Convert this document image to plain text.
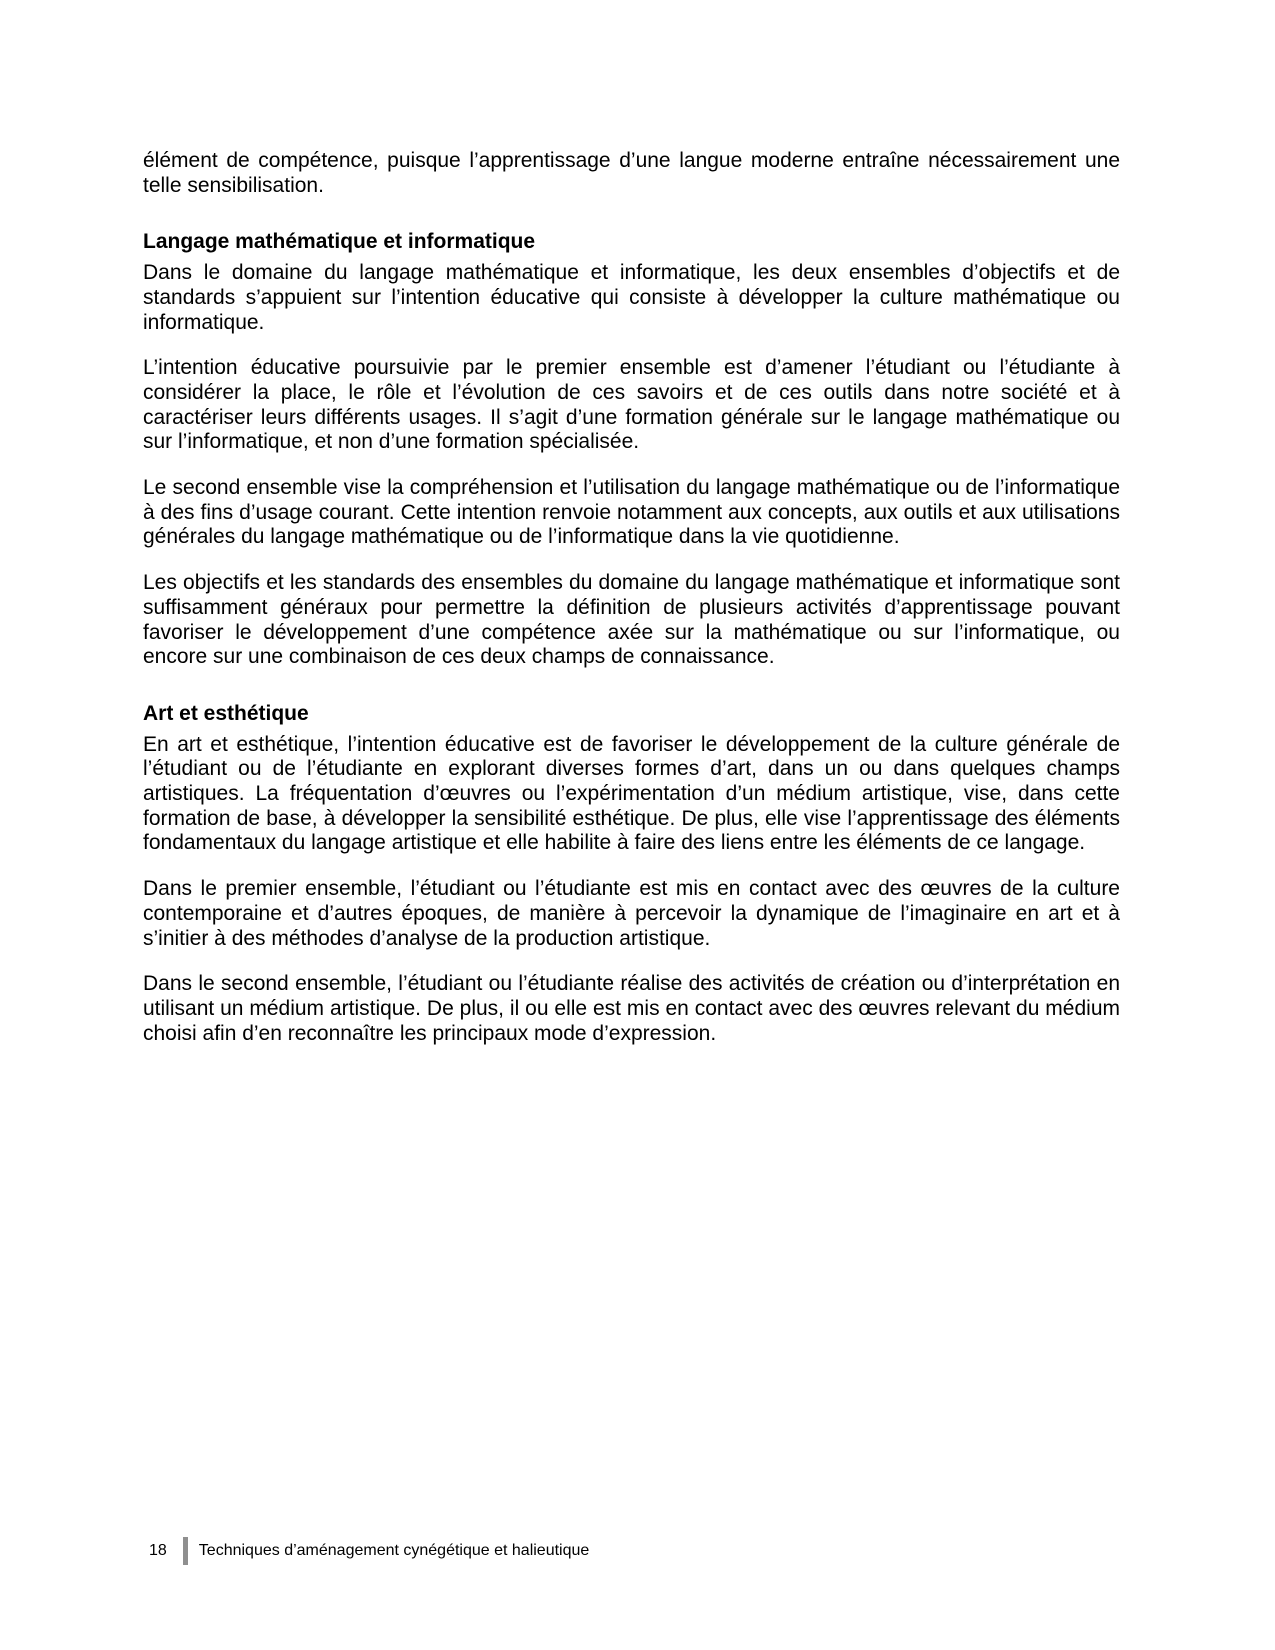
élément de compétence, puisque l’apprentissage d’une langue moderne entraîne nécessairement une telle sensibilisation.

Langage mathématique et informatique

Dans le domaine du langage mathématique et informatique, les deux ensembles d’objectifs et de standards s’appuient sur l’intention éducative qui consiste à développer la culture mathématique ou informatique.

L’intention éducative poursuivie par le premier ensemble est d’amener l’étudiant ou l’étudiante à considérer la place, le rôle et l’évolution de ces savoirs et de ces outils dans notre société et à caractériser leurs différents usages. Il s’agit d’une formation générale sur le langage mathématique ou sur l’informatique, et non d’une formation spécialisée.

Le second ensemble vise la compréhension et l’utilisation du langage mathématique ou de l’informatique à des fins d’usage courant. Cette intention renvoie notamment aux concepts, aux outils et aux utilisations générales du langage mathématique ou de l’informatique dans la vie quotidienne.

Les objectifs et les standards des ensembles du domaine du langage mathématique et informatique sont suffisamment généraux pour permettre la définition de plusieurs activités d’apprentissage pouvant favoriser le développement d’une compétence axée sur la mathématique ou sur l’informatique, ou encore sur une combinaison de ces deux champs de connaissance.

Art et esthétique

En art et esthétique, l’intention éducative est de favoriser le développement de la culture générale de l’étudiant ou de l’étudiante en explorant diverses formes d’art, dans un ou dans quelques champs artistiques. La fréquentation d’œuvres ou l’expérimentation d’un médium artistique, vise, dans cette formation de base, à développer la sensibilité esthétique. De plus, elle vise l’apprentissage des éléments fondamentaux du langage artistique et elle habilite à faire des liens entre les éléments de ce langage.

Dans le premier ensemble, l’étudiant ou l’étudiante est mis en contact avec des œuvres de la culture contemporaine et d’autres époques, de manière à percevoir la dynamique de l’imaginaire en art et à s’initier à des méthodes d’analyse de la production artistique.

Dans le second ensemble, l’étudiant ou l’étudiante réalise des activités de création ou d’interprétation en utilisant un médium artistique. De plus, il ou elle est mis en contact avec des œuvres relevant du médium choisi afin d’en reconnaître les principaux mode d’expression.

18 Techniques d’aménagement cynégétique et halieutique
